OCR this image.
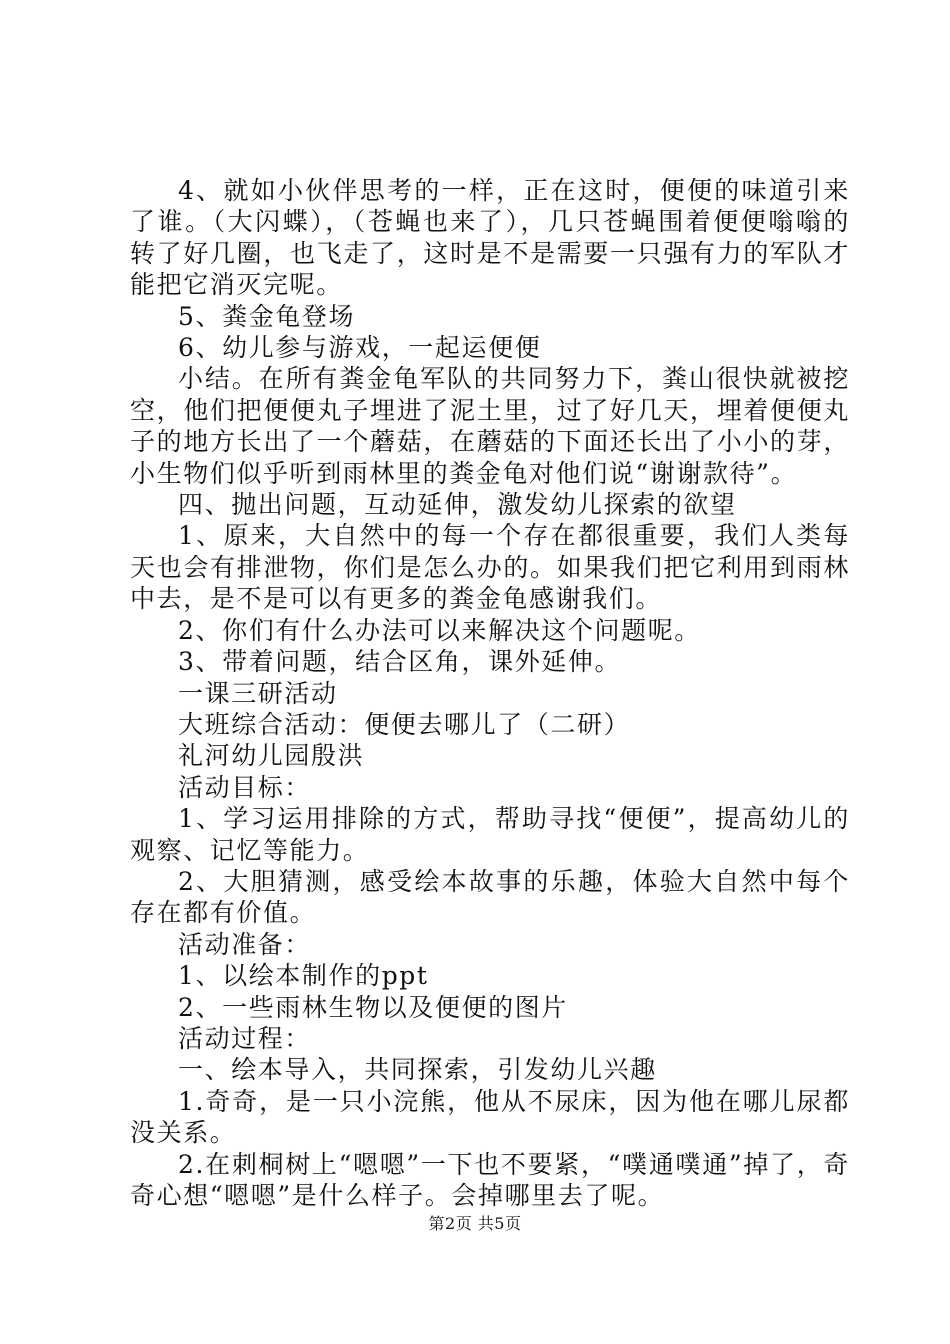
4、就如小伙伴思考的一样，正在这时，便便的味道引来了谁。（大闪蝶），（苍蝇也来了），几只苍蝇围着便便嗡嗡的转了好几圈，也飞走了，这时是不是需要一只强有力的军队才能把它消灭完呢。

5、粪金龟登场

6、幼儿参与游戏，一起运便便

小结。在所有粪金龟军队的共同努力下，粪山很快就被挖空，他们把便便丸子埋进了泥土里，过了好几天，埋着便便丸子的地方长出了一个蘑菇，在蘑菇的下面还长出了小小的芽，小生物们似乎听到雨林里的粪金龟对他们说“谢谢款待”。

四、抛出问题，互动延伸，激发幼儿探索的欲望

1、原来，大自然中的每一个存在都很重要，我们人类每天也会有排泄物，你们是怎么办的。如果我们把它利用到雨林中去，是不是可以有更多的粪金龟感谢我们。

2、你们有什么办法可以来解决这个问题呢。

3、带着问题，结合区角，课外延伸。

一课三研活动

大班综合活动：便便去哪儿了（二研）

礼河幼儿园殷洪

活动目标：

1、学习运用排除的方式，帮助寻找“便便”，提高幼儿的观察、记忆等能力。

2、大胆猜测，感受绘本故事的乐趣，体验大自然中每个存在都有价值。

活动准备：

1、以绘本制作的ppt

2、一些雨林生物以及便便的图片

活动过程：

一、绘本导入，共同探索，引发幼儿兴趣

1.奇奇，是一只小浣熊，他从不尿床，因为他在哪儿尿都没关系。

2.在刺桐树上“嗯嗯”一下也不要紧，“噗通噗通”掉了，奇奇心想“嗯嗯”是什么样子。会掉哪里去了呢。

第2页 共5页
